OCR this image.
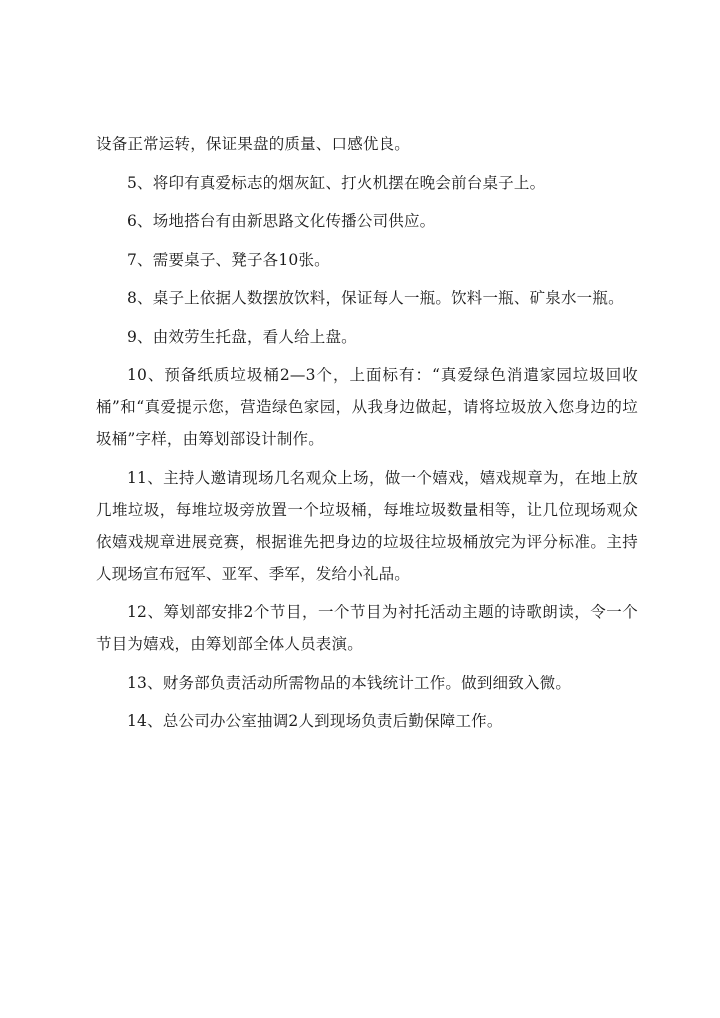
设备正常运转，保证果盘的质量、口感优良。

5、将印有真爱标志的烟灰缸、打火机摆在晚会前台桌子上。

6、场地搭台有由新思路文化传播公司供应。

7、需要桌子、凳子各10张。

8、桌子上依据人数摆放饮料，保证每人一瓶。饮料一瓶、矿泉水一瓶。

9、由效劳生托盘，看人给上盘。

10、预备纸质垃圾桶2—3个，上面标有：“真爱绿色消遣家园垃圾回收桶”和“真爱提示您，营造绿色家园，从我身边做起，请将垃圾放入您身边的垃圾桶”字样，由筹划部设计制作。

11、主持人邀请现场几名观众上场，做一个嬉戏，嬉戏规章为，在地上放几堆垃圾，每堆垃圾旁放置一个垃圾桶，每堆垃圾数量相等，让几位现场观众依嬉戏规章进展竞赛，根据谁先把身边的垃圾往垃圾桶放完为评分标准。主持人现场宣布冠军、亚军、季军，发给小礼品。

12、筹划部安排2个节目，一个节目为衬托活动主题的诗歌朗读，令一个节目为嬉戏，由筹划部全体人员表演。

13、财务部负责活动所需物品的本钱统计工作。做到细致入微。

14、总公司办公室抽调2人到现场负责后勤保障工作。
